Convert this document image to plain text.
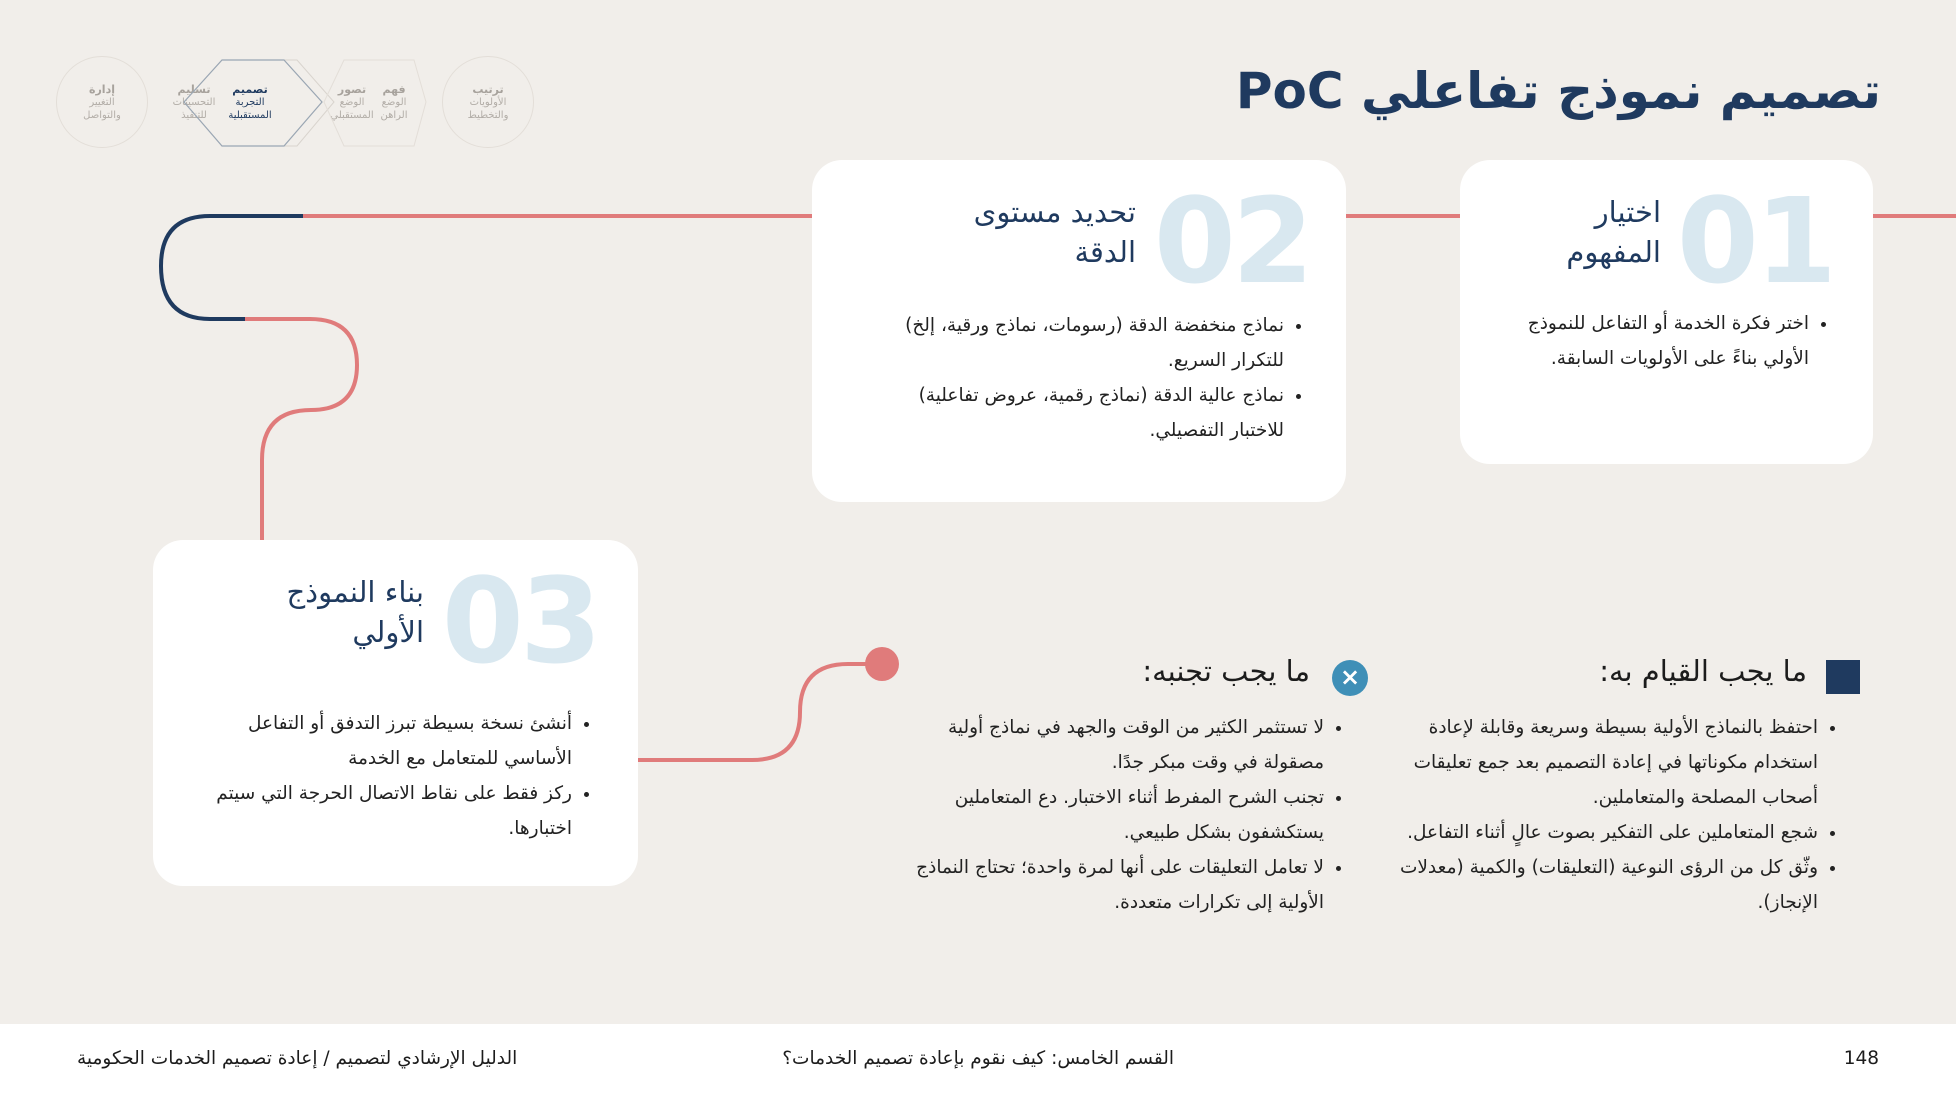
تصميم نموذج تفاعلي PoC
ترتيب
الأولويات
والتخطيط
فهم
الوضع
الراهن
تصور
الوضع
المستقبلي
تصميم
التجربة
المستقبلية
تسليم
التحسينات
للتنفيذ
إدارة
التغيير
والتواصل
01
اختيار
المفهوم
• اختر فكرة الخدمة أو التفاعل للنموذج الأولي بناءً على الأولويات السابقة.
02
تحديد مستوى
الدقة
• نماذج منخفضة الدقة (رسومات، نماذج ورقية، إلخ) للتكرار السريع.
• نماذج عالية الدقة (نماذج رقمية، عروض تفاعلية) للاختبار التفصيلي.
03
بناء النموذج
الأولي
• أنشئ نسخة بسيطة تبرز التدفق أو التفاعل الأساسي للمتعامل مع الخدمة
• ركز فقط على نقاط الاتصال الحرجة التي سيتم اختبارها.
ما يجب القيام به:
• احتفظ بالنماذج الأولية بسيطة وسريعة وقابلة لإعادة استخدام مكوناتها في إعادة التصميم بعد جمع تعليقات أصحاب المصلحة والمتعاملين.
• شجع المتعاملين على التفكير بصوت عالٍ أثناء التفاعل.
• وثّق كل من الرؤى النوعية (التعليقات) والكمية (معدلات الإنجاز).
×
ما يجب تجنبه:
• لا تستثمر الكثير من الوقت والجهد في نماذج أولية مصقولة في وقت مبكر جدًا.
• تجنب الشرح المفرط أثناء الاختبار. دع المتعاملين يستكشفون بشكل طبيعي.
• لا تعامل التعليقات على أنها لمرة واحدة؛ تحتاج النماذج الأولية إلى تكرارات متعددة.
148
القسم الخامس: كيف نقوم بإعادة تصميم الخدمات؟
الدليل الإرشادي لتصميم / إعادة تصميم الخدمات الحكومية
